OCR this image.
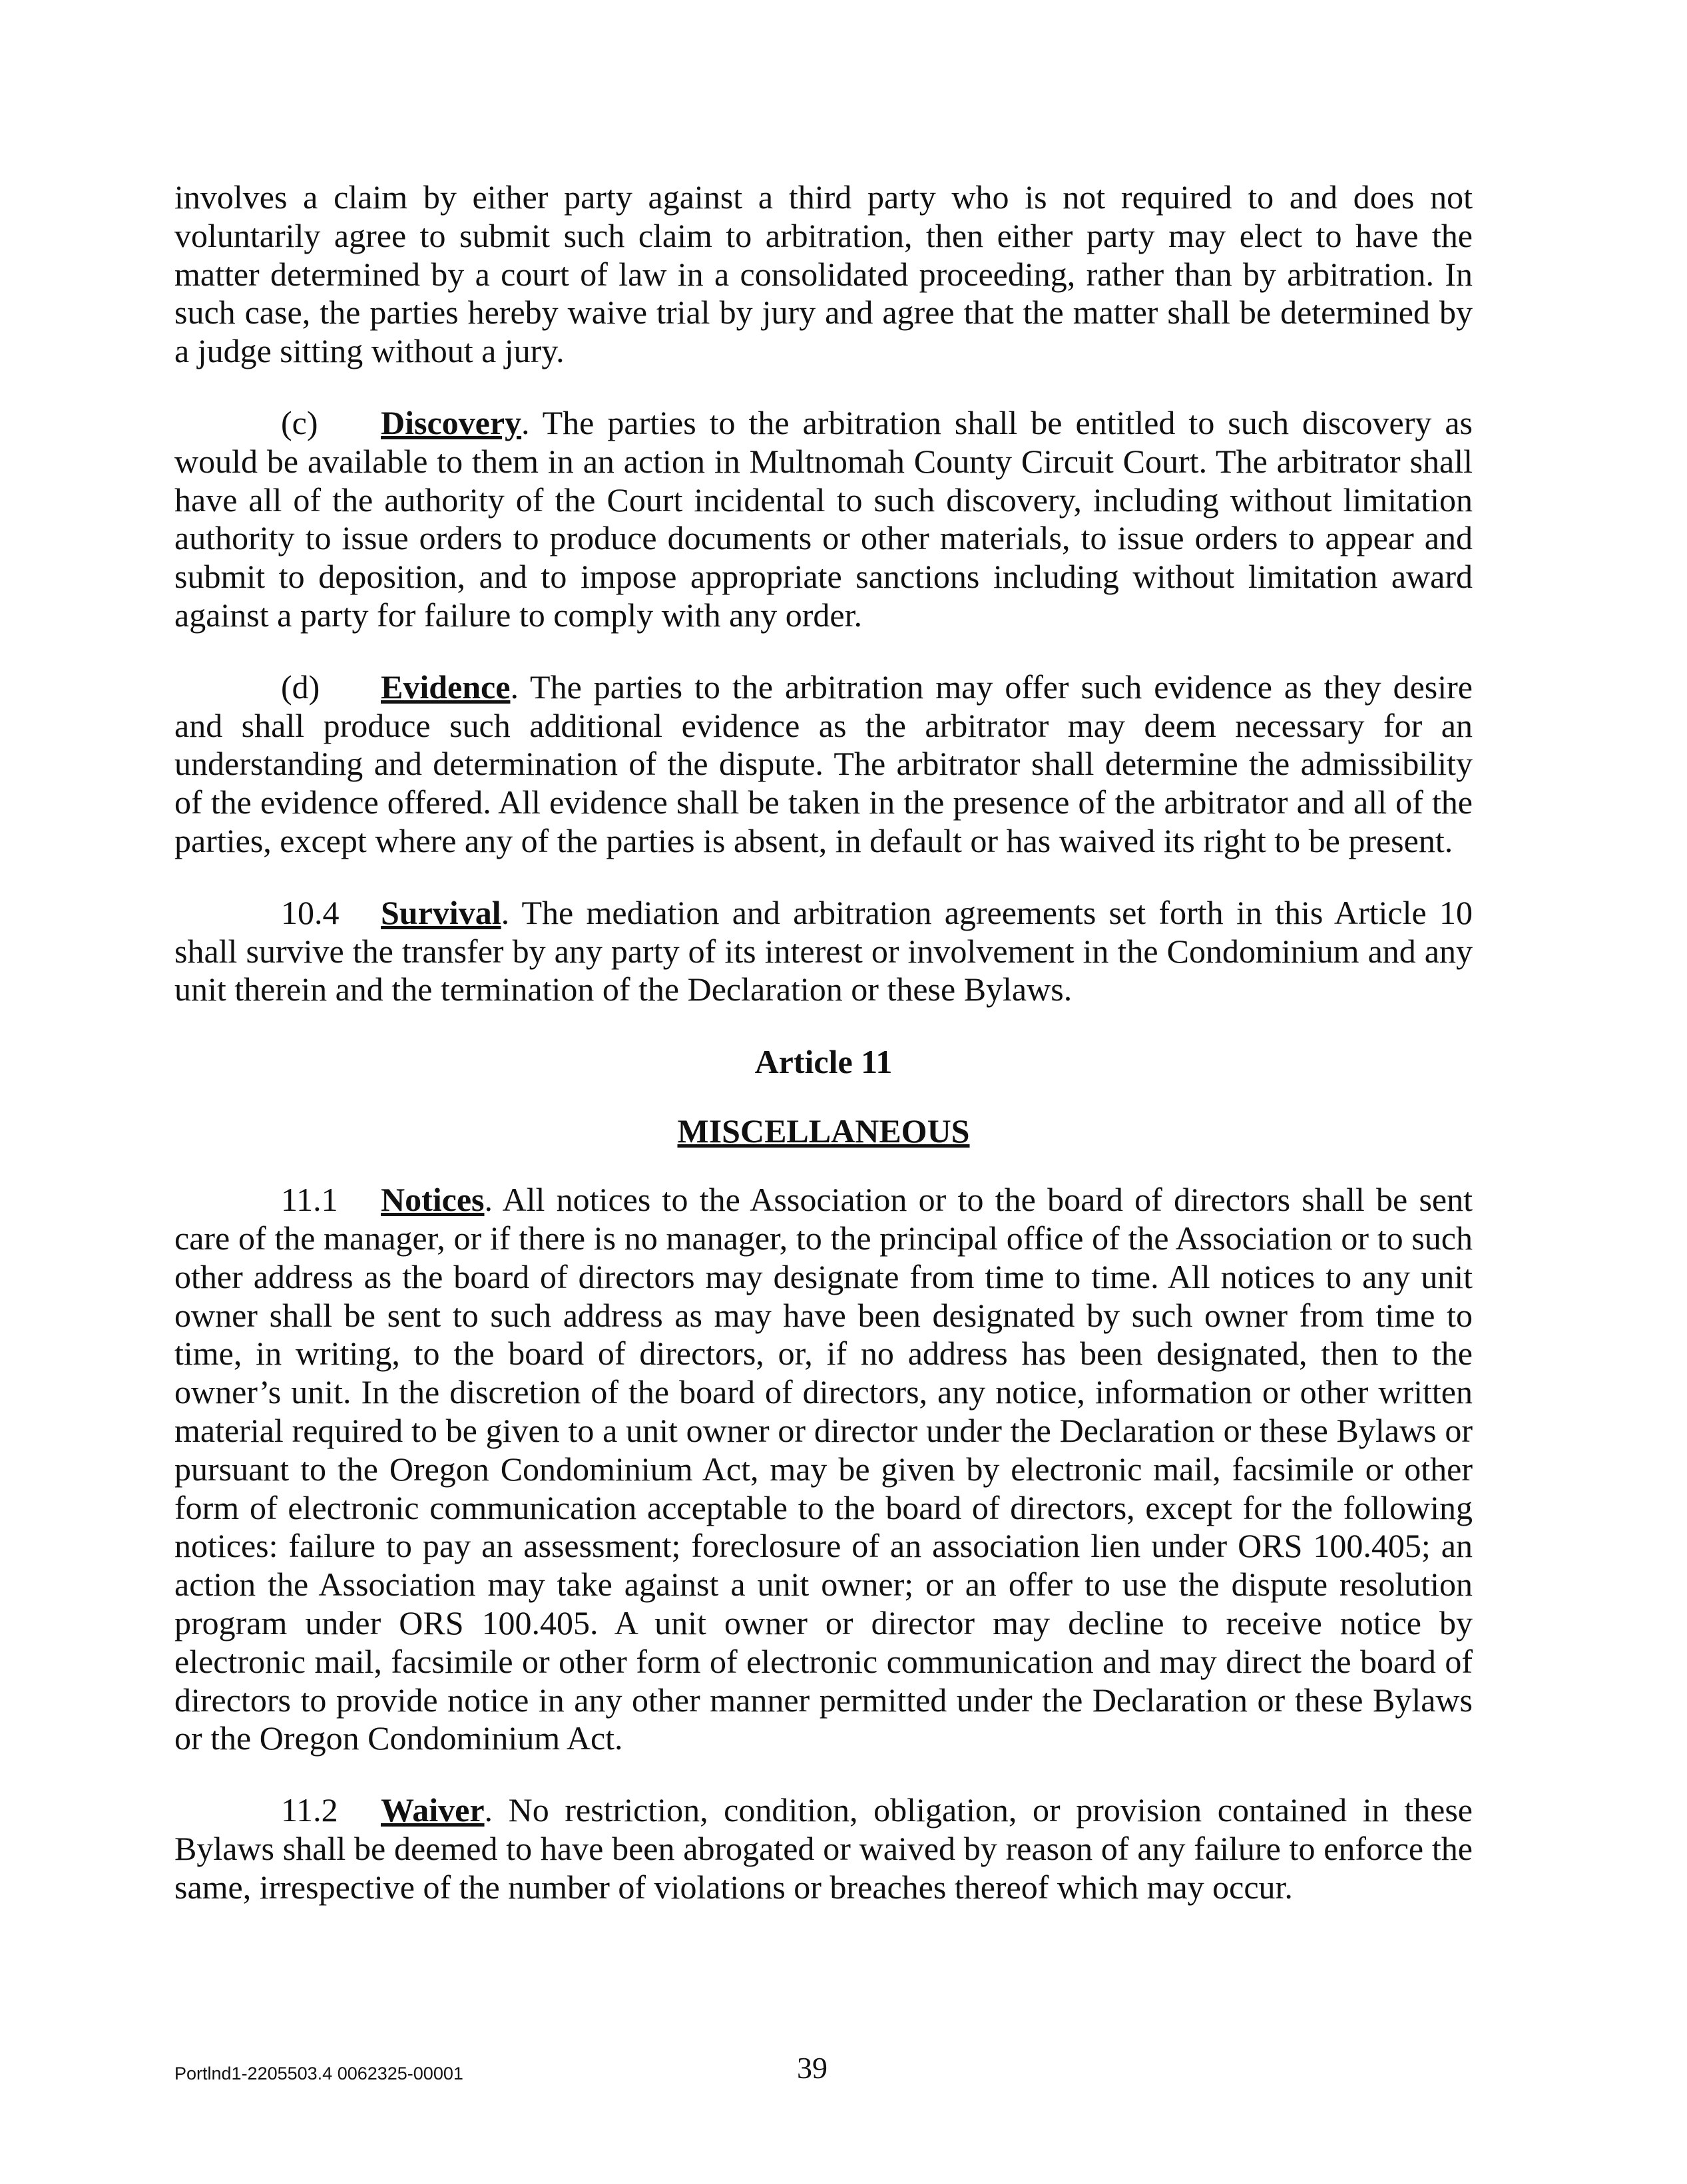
involves a claim by either party against a third party who is not required to and does not voluntarily agree to submit such claim to arbitration, then either party may elect to have the matter determined by a court of law in a consolidated proceeding, rather than by arbitration. In such case, the parties hereby waive trial by jury and agree that the matter shall be determined by a judge sitting without a jury.

(c) Discovery. The parties to the arbitration shall be entitled to such discovery as would be available to them in an action in Multnomah County Circuit Court. The arbitrator shall have all of the authority of the Court incidental to such discovery, including without limitation authority to issue orders to produce documents or other materials, to issue orders to appear and submit to deposition, and to impose appropriate sanctions including without limitation award against a party for failure to comply with any order.

(d) Evidence. The parties to the arbitration may offer such evidence as they desire and shall produce such additional evidence as the arbitrator may deem necessary for an understanding and determination of the dispute. The arbitrator shall determine the admissibility of the evidence offered. All evidence shall be taken in the presence of the arbitrator and all of the parties, except where any of the parties is absent, in default or has waived its right to be present.

10.4 Survival. The mediation and arbitration agreements set forth in this Article 10 shall survive the transfer by any party of its interest or involvement in the Condominium and any unit therein and the termination of the Declaration or these Bylaws.

Article 11
MISCELLANEOUS

11.1 Notices. All notices to the Association or to the board of directors shall be sent care of the manager, or if there is no manager, to the principal office of the Association or to such other address as the board of directors may designate from time to time. All notices to any unit owner shall be sent to such address as may have been designated by such owner from time to time, in writing, to the board of directors, or, if no address has been designated, then to the owner’s unit. In the discretion of the board of directors, any notice, information or other written material required to be given to a unit owner or director under the Declaration or these Bylaws or pursuant to the Oregon Condominium Act, may be given by electronic mail, facsimile or other form of electronic communication acceptable to the board of directors, except for the following notices: failure to pay an assessment; foreclosure of an association lien under ORS 100.405; an action the Association may take against a unit owner; or an offer to use the dispute resolution program under ORS 100.405. A unit owner or director may decline to receive notice by electronic mail, facsimile or other form of electronic communication and may direct the board of directors to provide notice in any other manner permitted under the Declaration or these Bylaws or the Oregon Condominium Act.

11.2 Waiver. No restriction, condition, obligation, or provision contained in these Bylaws shall be deemed to have been abrogated or waived by reason of any failure to enforce the same, irrespective of the number of violations or breaches thereof which may occur.

Portlnd1-2205503.4 0062325-00001	39
